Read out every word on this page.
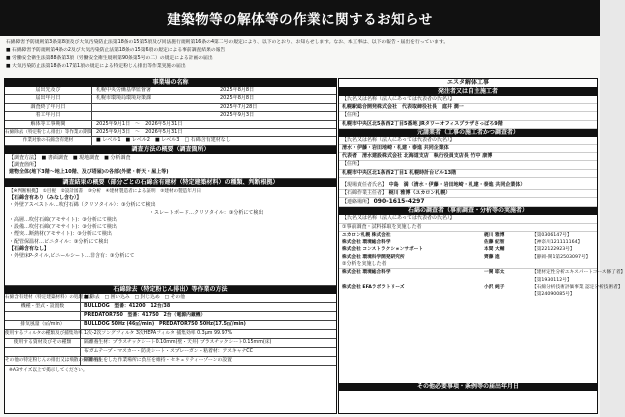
建築物等の解体等の作業に関するお知らせ
石綿障害予防規則第3条第8項及び大気汚染防止法第18条の15第5項及び同法施行規則第16条の4第二号の規定により、以下のとおり、お知らせします。なお、本工事は、以下の報告・届出を行っています。
■ 石綿障害予防規則第4条の2及び大気汚染防止法第18条の15第6項の規定による事前調査結果の報告
■ 労働安全衛生法第88条第3項（労働安全衛生規則第90条第5号の二）の規定による計画の届出
■ 大気汚染防止法第18条の17第1項の規定による特定粉じん排出等作業実施の届出
事業場の名称
届出先及び	札幌中央労働基準監督署	2025年8月8日
届出年月日	札幌市環境局環境対策課	2025年8月8日
調査終了年月日	2025年7月28日
着工年月日	2025年9月3日
解体等工事期間	2025年9月1日　～　2026年5月31日
石綿除去（特定粉じん排出）等作業の期間 2025年9月3日　～　2026年5月31日
作業対象の石綿含有建材	■ レベル1　■ レベル2　■ レベル3　□ 石綿含有建材なし
調査方法の概要（調査箇所）
【調査方法】　■ 書面調査　■ 現地調査　■ 分析調査
【調査箇所】
建物全体(地下3階〜地上10階、及び塔屋)の各部(外壁・軒天・屋上等)
調査結果の概要（部分ごとの石綿含有建材（特定建築材料）の種類、判断根拠）
【※判断根拠】　①目視　②設計図書　③分析　④建材製造者による証明　⑤建材の製造年月日
【石綿含有あり（みなし含む）】
・外壁アスベストル…吹付石綿（クリソタイル）：③分析にて検出
・スレートボード…クリソタイル：③分析にて検出
・高層…吹付石綿(アモサイト)：③分析にて検出
・設備…吹付石綿(アモサイト)：③分析にて検出
・煙突…断熱材(アモサイト)：③分析にて検出
・配管保温材…ビニタイル：③分析にて検出
【石綿含有なし】
・外壁床P-タイル,ビニールシート…非含有：③分析にて
石綿除去（特定粉じん排出）等作業の方法
石綿含有建材（特定建築材料）の処理方法
■ 除去　□ 囲い込み　□ 封じ込め　□ その他
機種・型式・設置数	BULLDOG　型番：41200　12台/38
PREDATOR750　型番：41750　2台（電源内蔵機）
排気風量（㎥/min）	BULLDOG 50Hz (46㎥/min)　PREDATOR750 50Hz(17.5㎥/min)
使用するフィルタの種類及び捕集効率 1次-2次ソングフィルタ 3次HEPAフィルタ 捕集効率 0.3μm 99.97%
使用する資材及びその種類	隔離養生材：プラスチックシート0.10mm(壁・天井) プラスチックシート0.15mm(床)
布ガムテープ・マスカー・防炎シート・スプレーガン・粘着材：アスキャナCC
その他の特定粉じんの排出又は飛散の抑制方法
隔離養生をした作業場所に負圧を維持・セキュリティーゾーンの設置
※A3サイズ以上で掲示してください。
エスタ解体工事
発注者又は自主施工者
【氏名又は名称（法人にあっては代表者の氏名）】
札幌駅総合開発株式会社　代表取締役社長　庭井 潤一
【住所】
札幌市中央区北5条西2丁目5番地 JRタワーオフィスプラザさっぽろ9階
元請業者（工事の施工者かつ調査者）
【氏名又は名称（法人にあっては代表者の氏名）】
清水・伊藤・岩田地崎・札建・泰進 共同企業体
代表者　清水建設株式会社 北海道支店　執行役員支店長 竹中 康博
【住所】
札幌市中央区北1条西2丁目1 札幌時計台ビル13階
【現場責任者氏名】 中島　満（清水・伊藤・岩田地崎・札建・泰進 共同企業体）
【石綿作業主任者】 梶川 雅博（ユカロン札幌）
【連絡場所】 090-1615-4297
石綿の調査者（事前調査・分析等の実施者）
【氏名又は名称（法人にあっては代表者の氏名）】
①事前調査・試料採取を実施した者
ユカロン札幌 株式会社	梶川 雅博	【第0306147号】
株式会社 環境総合科学	佐藤 紀智	【神奈川121111164】
株式会社 コンストラクションサポート	本間 大輔	【第22122923号】
株式会社 環境科学開発研究所	齊藤 進	【静岡-関1第2503097号】
②分析を実施した者
株式会社 環境総合科学	一関 耶太	【建材定性分析エキスパートコース修了者】
【第1930112号】
株式会社 EFAラボラトリーズ	小沢 純子	【石綿分析技術評価事業 認定分析技術者】
【第24090085号】
その他必要事項・条例等の届出年月日
